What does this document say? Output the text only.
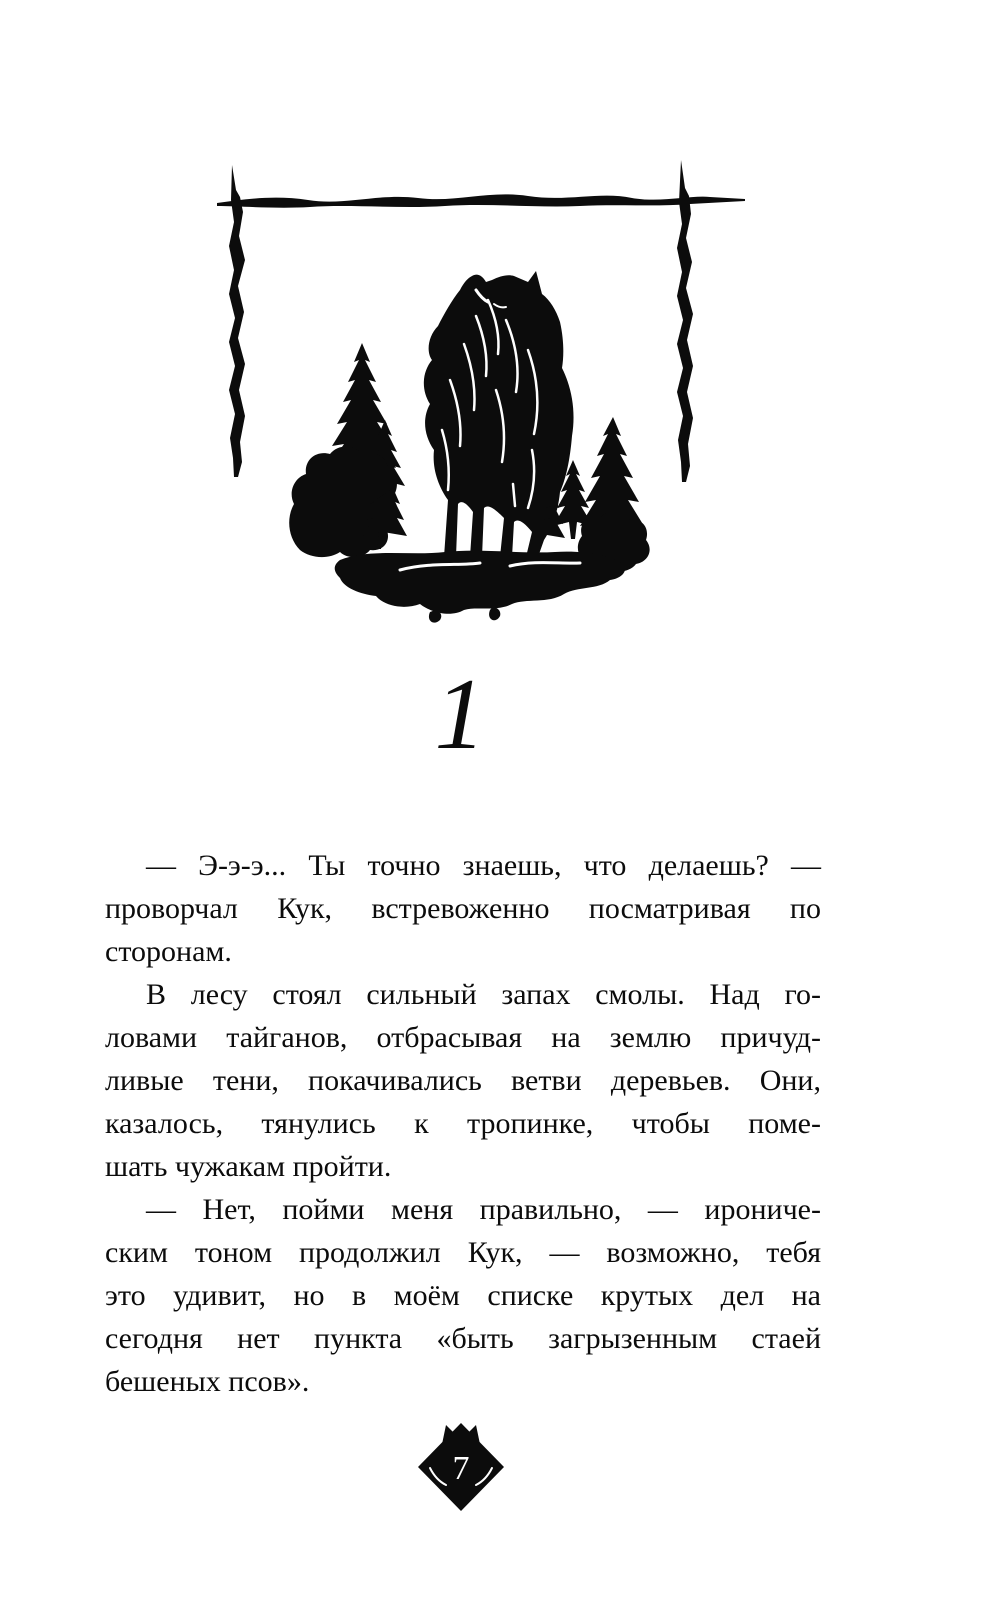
1
— Э-э-э... Ты точно знаешь, что делаешь? —
проворчал Кук, встревоженно посматривая по
сторонам.
В лесу стоял сильный запах смолы. Над го-
ловами тайганов, отбрасывая на землю причуд-
ливые тени, покачивались ветви деревьев. Они,
казалось, тянулись к тропинке, чтобы поме-
шать чужакам пройти.
— Нет, пойми меня правильно, — ирониче-
ским тоном продолжил Кук, — возможно, тебя
это удивит, но в моём списке крутых дел на
сегодня нет пункта «быть загрызенным стаей
бешеных псов».
7
